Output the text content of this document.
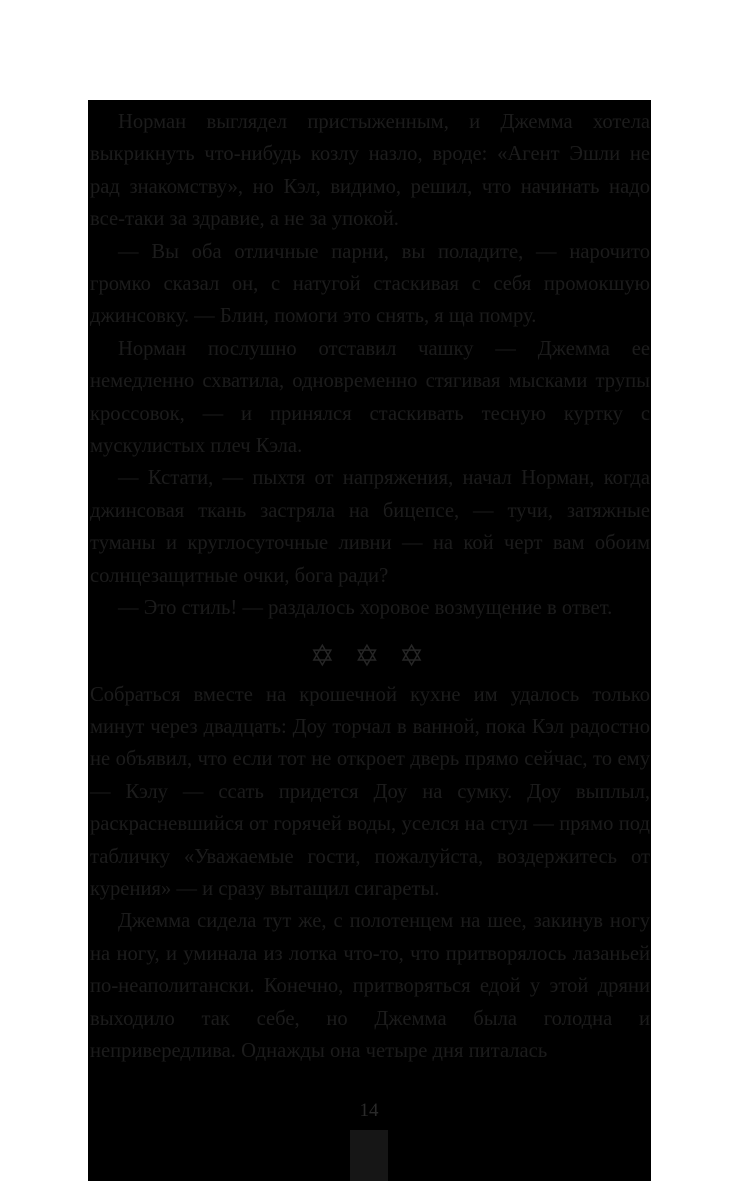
Норман выглядел пристыженным, и Джемма хотела выкрикнуть что-нибудь козлу назло, вроде: «Агент Эшли не рад знакомству», но Кэл, видимо, решил, что начинать надо все-таки за здравие, а не за упокой.

— Вы оба отличные парни, вы поладите, — нарочито громко сказал он, с натугой стаскивая с себя промокшую джинсовку. — Блин, помоги это снять, я ща помру.

Норман послушно отставил чашку — Джемма ее немедленно схватила, одновременно стягивая мысками трупы кроссовок, — и принялся стаскивать тесную куртку с мускулистых плеч Кэла.

— Кстати, — пыхтя от напряжения, начал Норман, когда джинсовая ткань застряла на бицепсе, — тучи, затяжные туманы и круглосуточные ливни — на кой черт вам обоим солнцезащитные очки, бога ради?

— Это стиль! — раздалось хоровое возмущение в ответ.

✡ ✡ ✡

Собраться вместе на крошечной кухне им удалось только минут через двадцать: Доу торчал в ванной, пока Кэл радостно не объявил, что если тот не откроет дверь прямо сейчас, то ему — Кэлу — ссать придется Доу на сумку. Доу выплыл, раскрасневшийся от горячей воды, уселся на стул — прямо под табличку «Уважаемые гости, пожалуйста, воздержитесь от курения» — и сразу вытащил сигареты.

Джемма сидела тут же, с полотенцем на шее, закинув ногу на ногу, и уминала из лотка что-то, что притворялось лазаньей по-неаполитански. Конечно, притворяться едой у этой дряни выходило так себе, но Джемма была голодна и непривередлива. Однажды она четыре дня питалась

14
